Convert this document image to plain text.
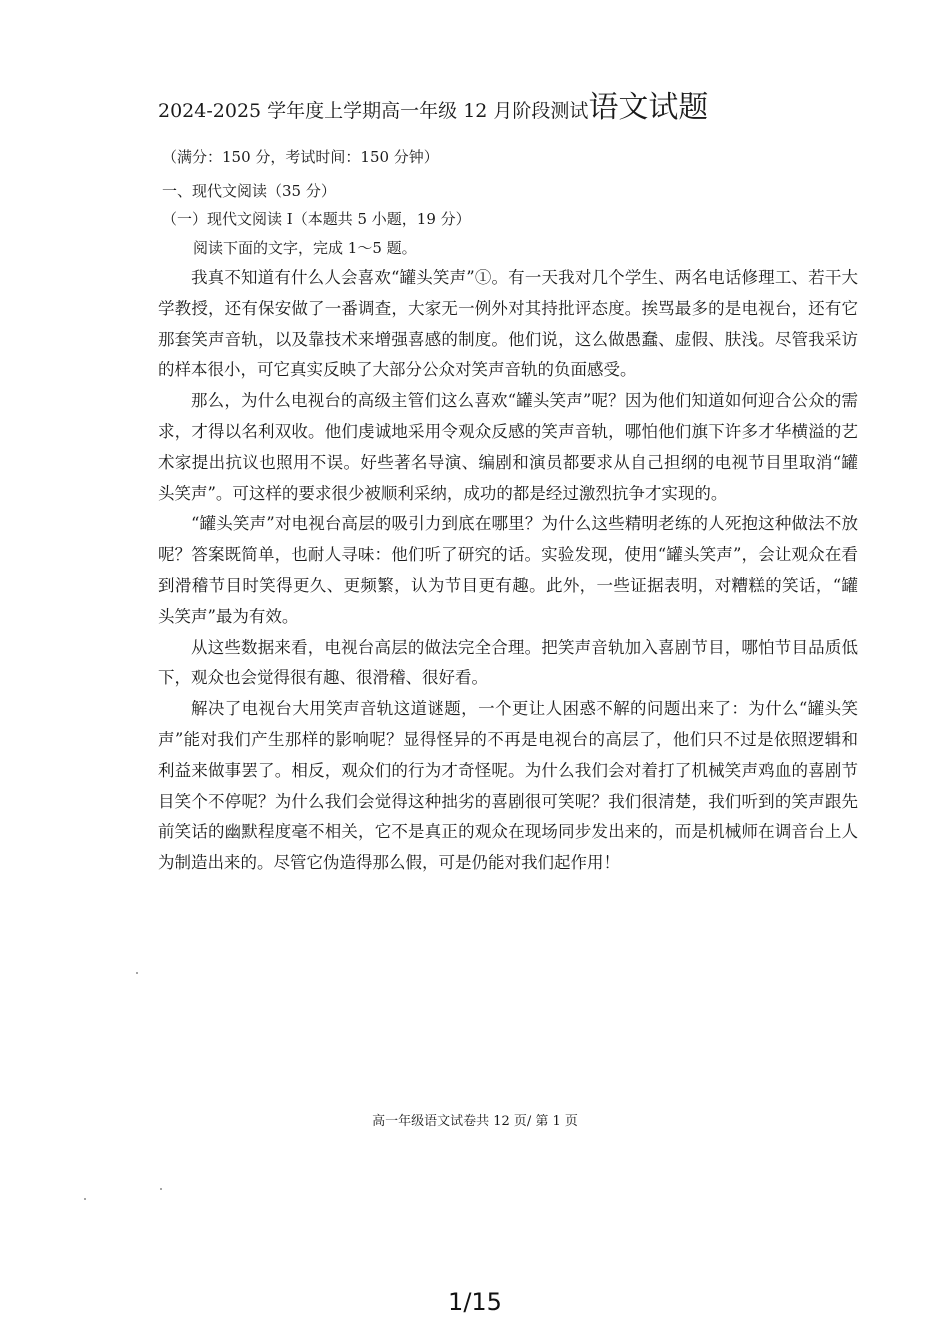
2024-2025 学年度上学期高一年级 12 月阶段测试语文试题
（满分：150 分，考试时间：150 分钟）
一、现代文阅读（35 分）
（一）现代文阅读 I（本题共 5 小题，19 分）
阅读下面的文字，完成 1～5 题。

我真不知道有什么人会喜欢“罐头笑声”①。有一天我对几个学生、两名电话修理工、若干大学教授，还有保安做了一番调查，大家无一例外对其持批评态度。挨骂最多的是电视台，还有它那套笑声音轨，以及靠技术来增强喜感的制度。他们说，这么做愚蠢、虚假、肤浅。尽管我采访的样本很小，可它真实反映了大部分公众对笑声音轨的负面感受。

那么，为什么电视台的高级主管们这么喜欢“罐头笑声”呢？因为他们知道如何迎合公众的需求，才得以名利双收。他们虔诚地采用令观众反感的笑声音轨，哪怕他们旗下许多才华横溢的艺术家提出抗议也照用不误。好些著名导演、编剧和演员都要求从自己担纲的电视节目里取消“罐头笑声”。可这样的要求很少被顺利采纳，成功的都是经过激烈抗争才实现的。

“罐头笑声”对电视台高层的吸引力到底在哪里？为什么这些精明老练的人死抱这种做法不放呢？答案既简单，也耐人寻味：他们听了研究的话。实验发现，使用“罐头笑声”，会让观众在看到滑稽节目时笑得更久、更频繁，认为节目更有趣。此外，一些证据表明，对糟糕的笑话，“罐头笑声”最为有效。

从这些数据来看，电视台高层的做法完全合理。把笑声音轨加入喜剧节目，哪怕节目品质低下，观众也会觉得很有趣、很滑稽、很好看。

解决了电视台大用笑声音轨这道谜题，一个更让人困惑不解的问题出来了：为什么“罐头笑声”能对我们产生那样的影响呢？显得怪异的不再是电视台的高层了，他们只不过是依照逻辑和利益来做事罢了。相反，观众们的行为才奇怪呢。为什么我们会对着打了机械笑声鸡血的喜剧节目笑个不停呢？为什么我们会觉得这种拙劣的喜剧很可笑呢？我们很清楚，我们听到的笑声跟先前笑话的幽默程度毫不相关，它不是真正的观众在现场同步发出来的，而是机械师在调音台上人为制造出来的。尽管它伪造得那么假，可是仍能对我们起作用！

高一年级语文试卷共 12 页/ 第 1 页
1/15
